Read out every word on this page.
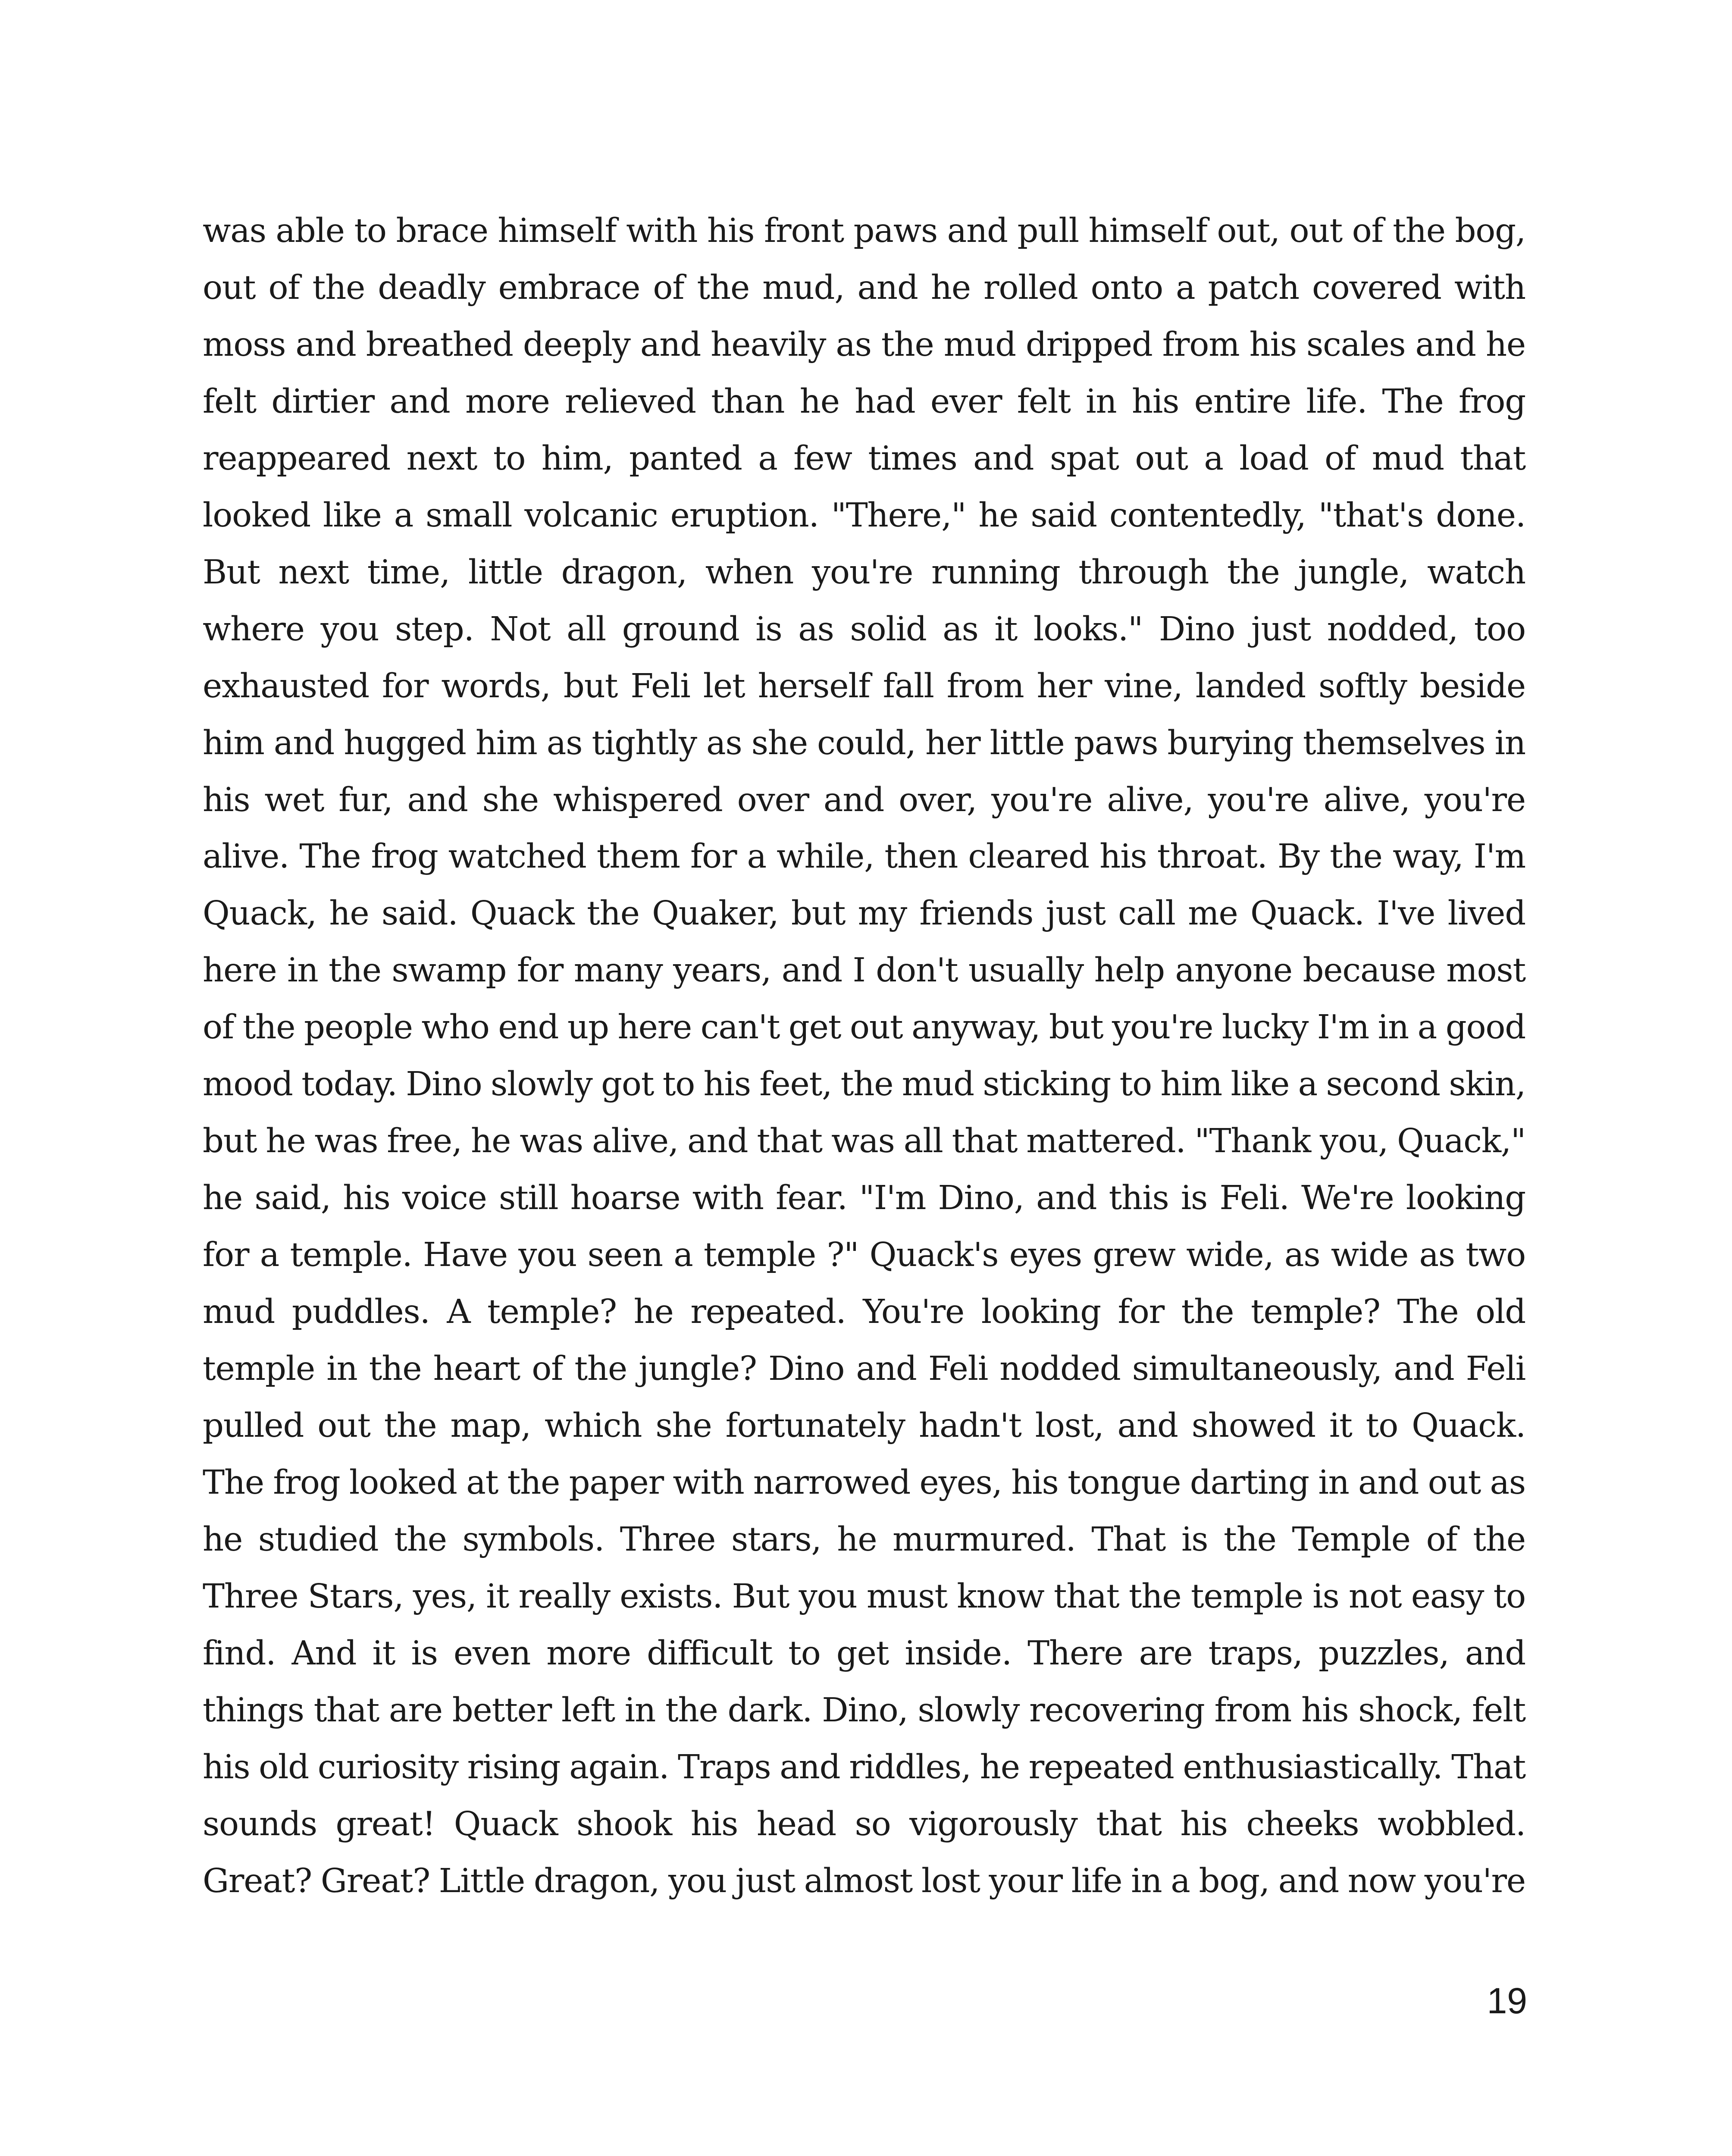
was able to brace himself with his front paws and pull himself out, out of the bog, out of the deadly embrace of the mud, and he rolled onto a patch covered with moss and breathed deeply and heavily as the mud dripped from his scales and he felt dirtier and more relieved than he had ever felt in his entire life. The frog reappeared next to him, panted a few times and spat out a load of mud that looked like a small volcanic eruption. "There," he said contentedly, "that's done. But next time, little dragon, when you're running through the jungle, watch where you step. Not all ground is as solid as it looks." Dino just nodded, too exhausted for words, but Feli let herself fall from her vine, landed softly beside him and hugged him as tightly as she could, her little paws burying themselves in his wet fur, and she whispered over and over, you're alive, you're alive, you're alive. The frog watched them for a while, then cleared his throat. By the way, I'm Quack, he said. Quack the Quaker, but my friends just call me Quack. I've lived here in the swamp for many years, and I don't usually help anyone because most of the people who end up here can't get out anyway, but you're lucky I'm in a good mood today. Dino slowly got to his feet, the mud sticking to him like a second skin, but he was free, he was alive, and that was all that mattered. "Thank you, Quack," he said, his voice still hoarse with fear. "I'm Dino, and this is Feli. We're looking for a temple. Have you seen a temple ?" Quack's eyes grew wide, as wide as two mud puddles. A temple? he repeated. You're looking for the temple? The old temple in the heart of the jungle? Dino and Feli nodded simultaneously, and Feli pulled out the map, which she fortunately hadn't lost, and showed it to Quack. The frog looked at the paper with narrowed eyes, his tongue darting in and out as he studied the symbols. Three stars, he murmured. That is the Temple of the Three Stars, yes, it really exists. But you must know that the temple is not easy to find. And it is even more difficult to get inside. There are traps, puzzles, and things that are better left in the dark. Dino, slowly recovering from his shock, felt his old curiosity rising again. Traps and riddles, he repeated enthusiastically. That sounds great! Quack shook his head so vigorously that his cheeks wobbled. Great? Great? Little dragon, you just almost lost your life in a bog, and now you're

19
